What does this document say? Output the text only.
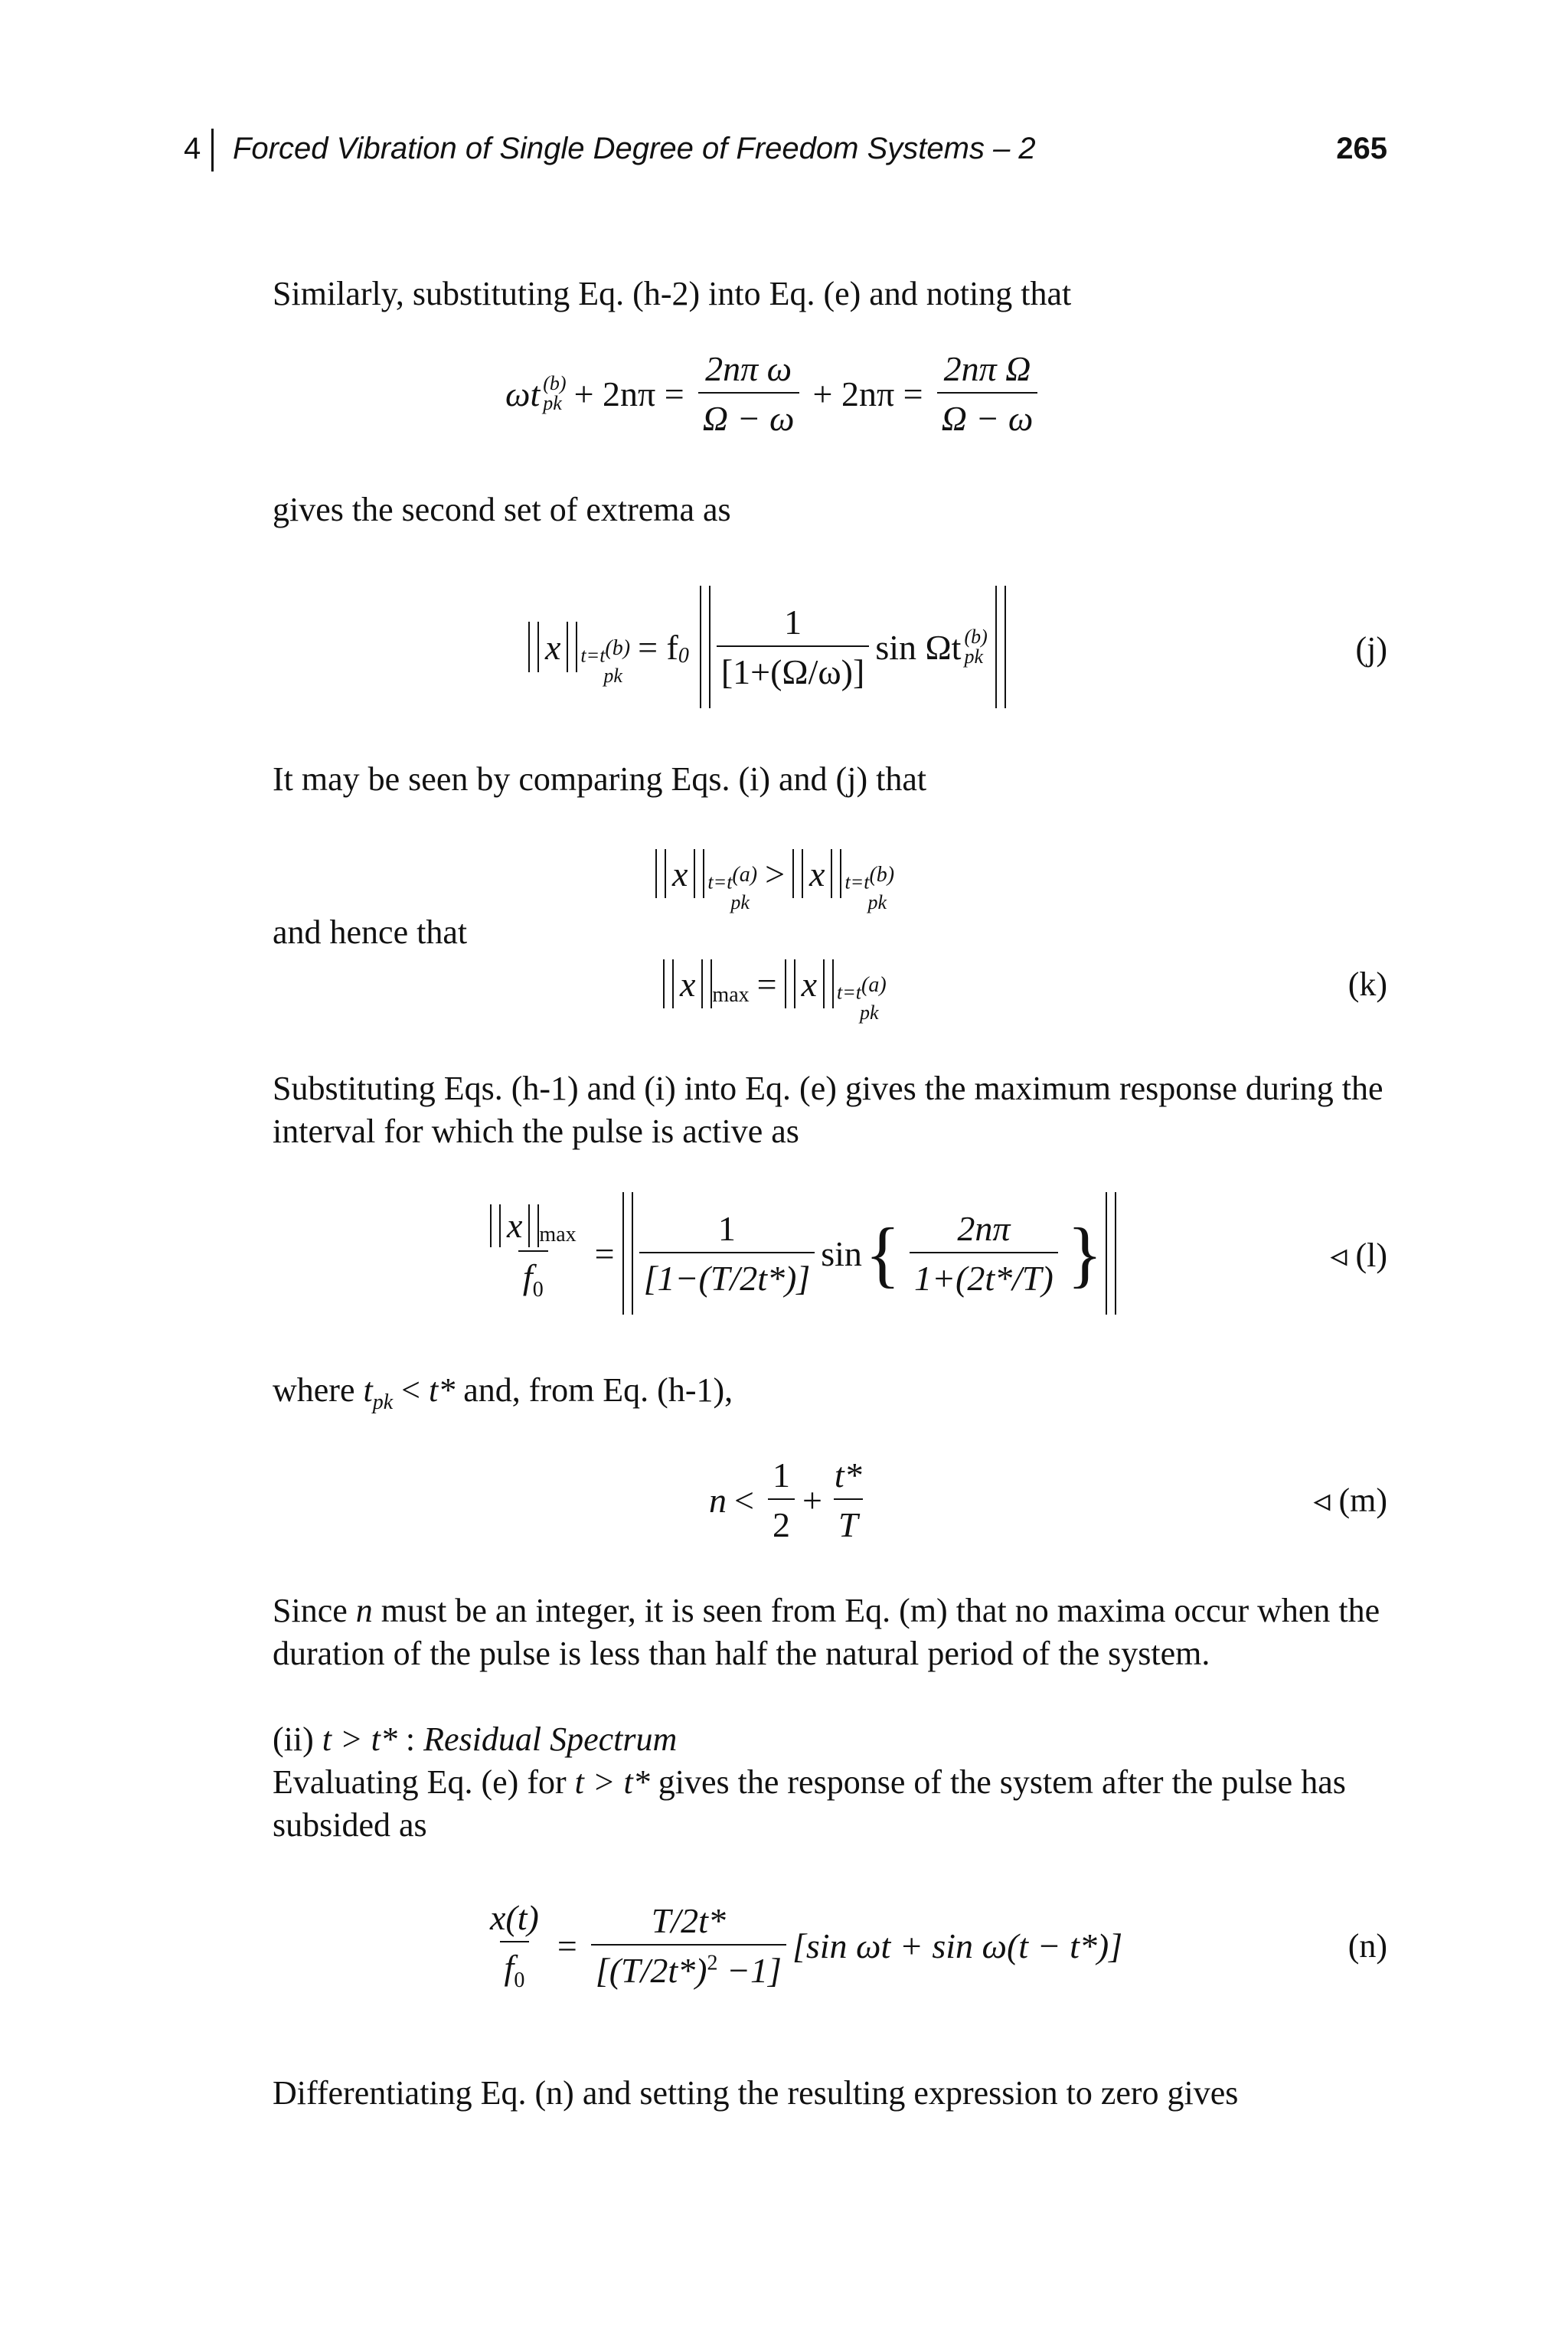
4 Forced Vibration of Single Degree of Freedom Systems – 2	265
Similarly, substituting Eq. (h-2) into Eq. (e) and noting that
ωt (b)
pk + $2n\pi = \frac{\text{2nπ ω}}{\Omega - \omega} + 2n\pi = \frac{\text{2nπ Ω}}{\Omega - \omega}$
gives the second set of extrema as
x $t=t^{(b)}$
pk
= $f_0 \frac{1}{[1+(\Omega/\omega)]}$ sin Ωt (b)
pk	(j)
It may be seen by comparing Eqs. (i) and (j) that
x $t=t^{(a)}$
pk
> x $t=t^{(b)}$
pk
and hence that
x $_{max}$ = x $t=t^{(a)}$
pk
(k)
Substituting Eqs. (h-1) and (i) into Eq. (e) gives the maximum response during the interval for which the pulse is active as
$\frac{x _{max}}{f_0} = \frac{1}{[1-(T/2t*)]}$ sin { $\frac{2n\pi}{1+(2t*/T)}$ }	◃ (l)
where $t_{pk} < t*$ and, from Eq. (h-1),
$n < \frac{1}{2} + \frac{t*}{T}$	◃ (m)
Since n must be an integer, it is seen from Eq. (m) that no maxima occur when the duration of the pulse is less than half the natural period of the system.
(ii) t > t* : Residual Spectrum
Evaluating Eq. (e) for t > t* gives the response of the system after the pulse has subsided as
$\frac{x(t)}{f_0} = \frac{T/2t*}{[(T/2t*)^2 -1]} [\sin$ ωt + sin ω(t − t*)]	(n)
Differentiating Eq. (n) and setting the resulting expression to zero gives
